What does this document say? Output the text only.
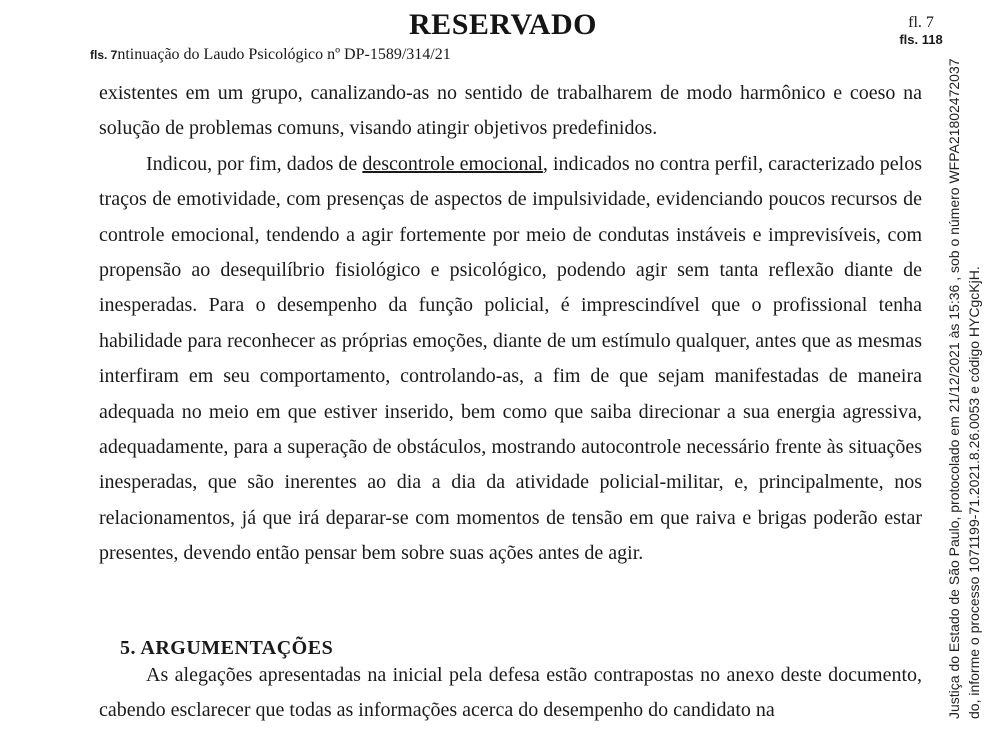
RESERVADO
fls. 7ntinuação do Laudo Psicológico nº DP-1589/314/21
fl. 7
fls. 118

existentes em um grupo, canalizando-as no sentido de trabalharem de modo harmônico e coeso na solução de problemas comuns, visando atingir objetivos predefinidos.

Indicou, por fim, dados de descontrole emocional, indicados no contra perfil, caracterizado pelos traços de emotividade, com presenças de aspectos de impulsividade, evidenciando poucos recursos de controle emocional, tendendo a agir fortemente por meio de condutas instáveis e imprevisíveis, com propensão ao desequilíbrio fisiológico e psicológico, podendo agir sem tanta reflexão diante de inesperadas. Para o desempenho da função policial, é imprescindível que o profissional tenha habilidade para reconhecer as próprias emoções, diante de um estímulo qualquer, antes que as mesmas interfiram em seu comportamento, controlando-as, a fim de que sejam manifestadas de maneira adequada no meio em que estiver inserido, bem como que saiba direcionar a sua energia agressiva, adequadamente, para a superação de obstáculos, mostrando autocontrole necessário frente às situações inesperadas, que são inerentes ao dia a dia da atividade policial-militar, e, principalmente, nos relacionamentos, já que irá deparar-se com momentos de tensão em que raiva e brigas poderão estar presentes, devendo então pensar bem sobre suas ações antes de agir.

5. ARGUMENTAÇÕES

As alegações apresentadas na inicial pela defesa estão contrapostas no anexo deste documento, cabendo esclarecer que todas as informações acerca do desempenho do candidato na	Justiça do Estado de São Paulo, protocolado em 21/12/2021 às 15:36 , sob o número WFPA21802472037 do, informe o processo 1071199-71.2021.8.26.0053 e código HYCgcKjH.
